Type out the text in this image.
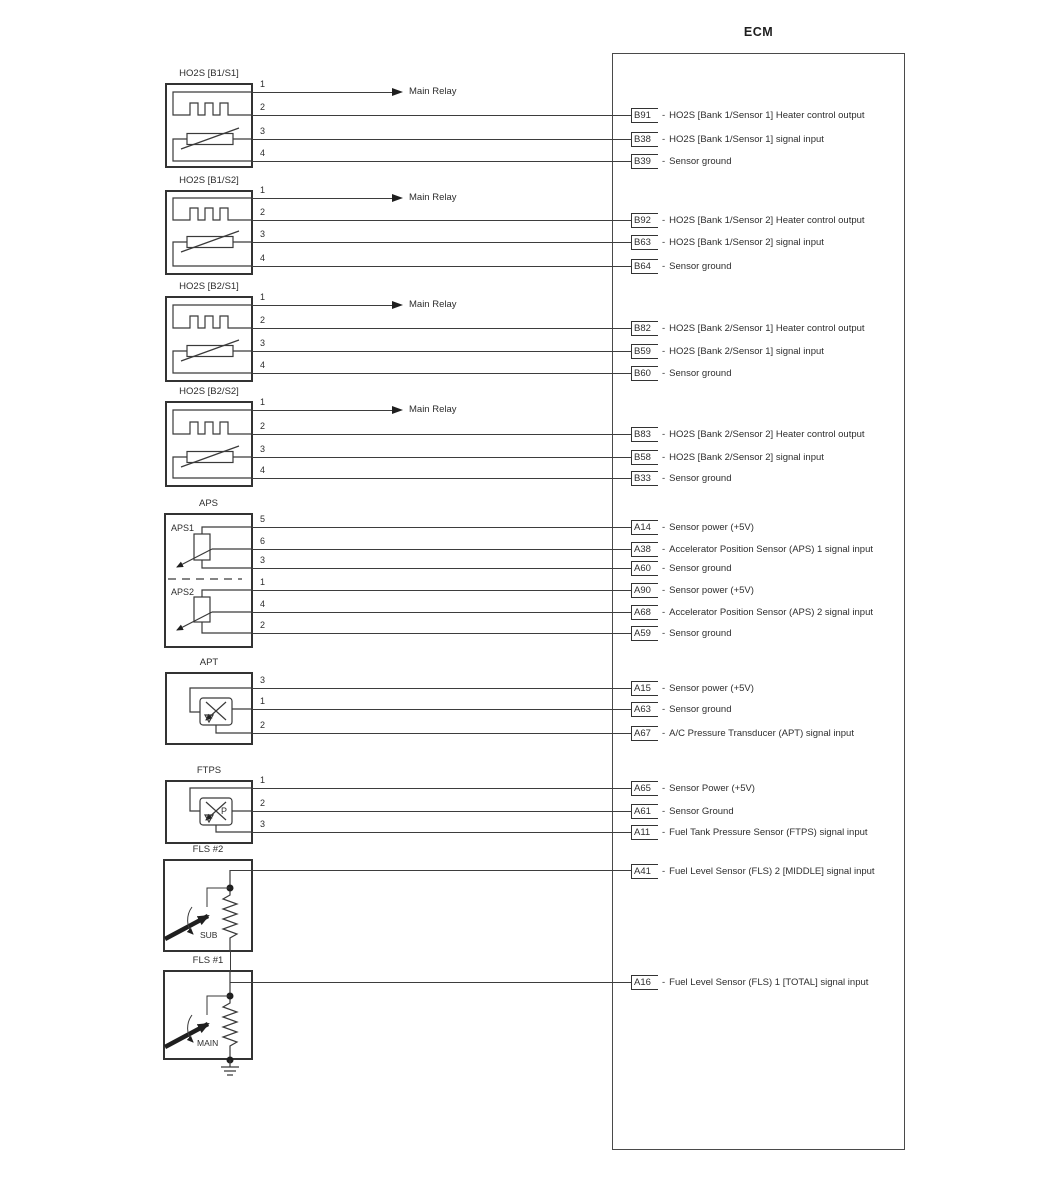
ECM
HO2S [B1/S1]
HO2S [B1/S2]
HO2S [B2/S1]
HO2S [B2/S2]
APS
APT
FTPS
FLS #2
FLS #1
APS1
APS2
P
SUB
MAIN
Main Relay
Main Relay
Main Relay
Main Relay
1
2
3
4
1
2
3
4
1
2
3
4
1
2
3
4
5
6
3
1
4
2
3
1
2
1
2
3
B91 - HO2S [Bank 1/Sensor 1] Heater control output
B38 - HO2S [Bank 1/Sensor 1] signal input
B39 - Sensor ground
B92 - HO2S [Bank 1/Sensor 2] Heater control output
B63 - HO2S [Bank 1/Sensor 2] signal input
B64 - Sensor ground
B82 - HO2S [Bank 2/Sensor 1] Heater control output
B59 - HO2S [Bank 2/Sensor 1] signal input
B60 - Sensor ground
B83 - HO2S [Bank 2/Sensor 2] Heater control output
B58 - HO2S [Bank 2/Sensor 2] signal input
B33 - Sensor ground
A14 - Sensor power (+5V)
A38 - Accelerator Position Sensor (APS) 1 signal input
A60 - Sensor ground
A90 - Sensor power (+5V)
A68 - Accelerator Position Sensor (APS) 2 signal input
A59 - Sensor ground
A15 - Sensor power (+5V)
A63 - Sensor ground
A67 - A/C Pressure Transducer (APT) signal input
A65 - Sensor Power (+5V)
A61 - Sensor Ground
A11 - Fuel Tank Pressure Sensor (FTPS) signal input
A41 - Fuel Level Sensor (FLS) 2 [MIDDLE] signal input
A16 - Fuel Level Sensor (FLS) 1 [TOTAL] signal input
